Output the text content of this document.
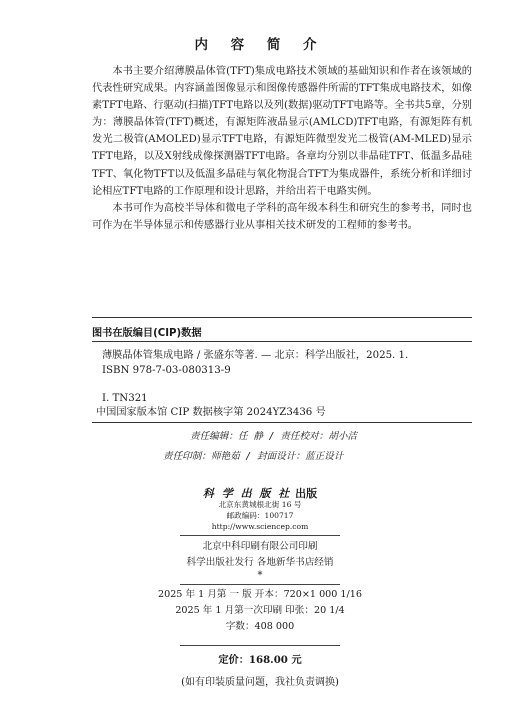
内 容 简 介

本书主要介绍薄膜晶体管(TFT)集成电路技术领域的基础知识和作者在该领域的代表性研究成果。内容涵盖图像显示和图像传感器件所需的TFT集成电路技术，如像素TFT电路、行驱动(扫描)TFT电路以及列(数据)驱动TFT电路等。全书共5章，分别为：薄膜晶体管(TFT)概述，有源矩阵液晶显示(AMLCD)TFT电路，有源矩阵有机发光二极管(AMOLED)显示TFT电路，有源矩阵微型发光二极管(AM-MLED)显示TFT电路，以及X射线成像探测器TFT电路。各章均分别以非晶硅TFT、低温多晶硅TFT、氧化物TFT以及低温多晶硅与氧化物混合TFT为集成器件，系统分析和详细讨论相应TFT电路的工作原理和设计思路，并给出若干电路实例。

本书可作为高校半导体和微电子学科的高年级本科生和研究生的参考书，同时也可作为在半导体显示和传感器行业从事相关技术研发的工程师的参考书。

图书在版编目(CIP)数据
薄膜晶体管集成电路 / 张盛东等著. — 北京：科学出版社，2025. 1.
ISBN 978-7-03-080313-9
Ⅰ. TN321
中国国家版本馆 CIP 数据核字第 2024YZ3436 号
责任编辑：任 静 / 责任校对：胡小洁
责任印制：师艳茹 / 封面设计：蓝正设计
科 学 出 版 社 出版
北京东黄城根北街 16 号
邮政编码：100717
http://www.sciencep.com
北京中科印刷有限公司印刷
科学出版社发行 各地新华书店经销
*
2025 年 1 月第 一 版 开本：720×1 000 1/16
2025 年 1 月第一次印刷 印张：20 1/4
字数：408 000
定价：168.00 元
(如有印装质量问题，我社负责调换)
